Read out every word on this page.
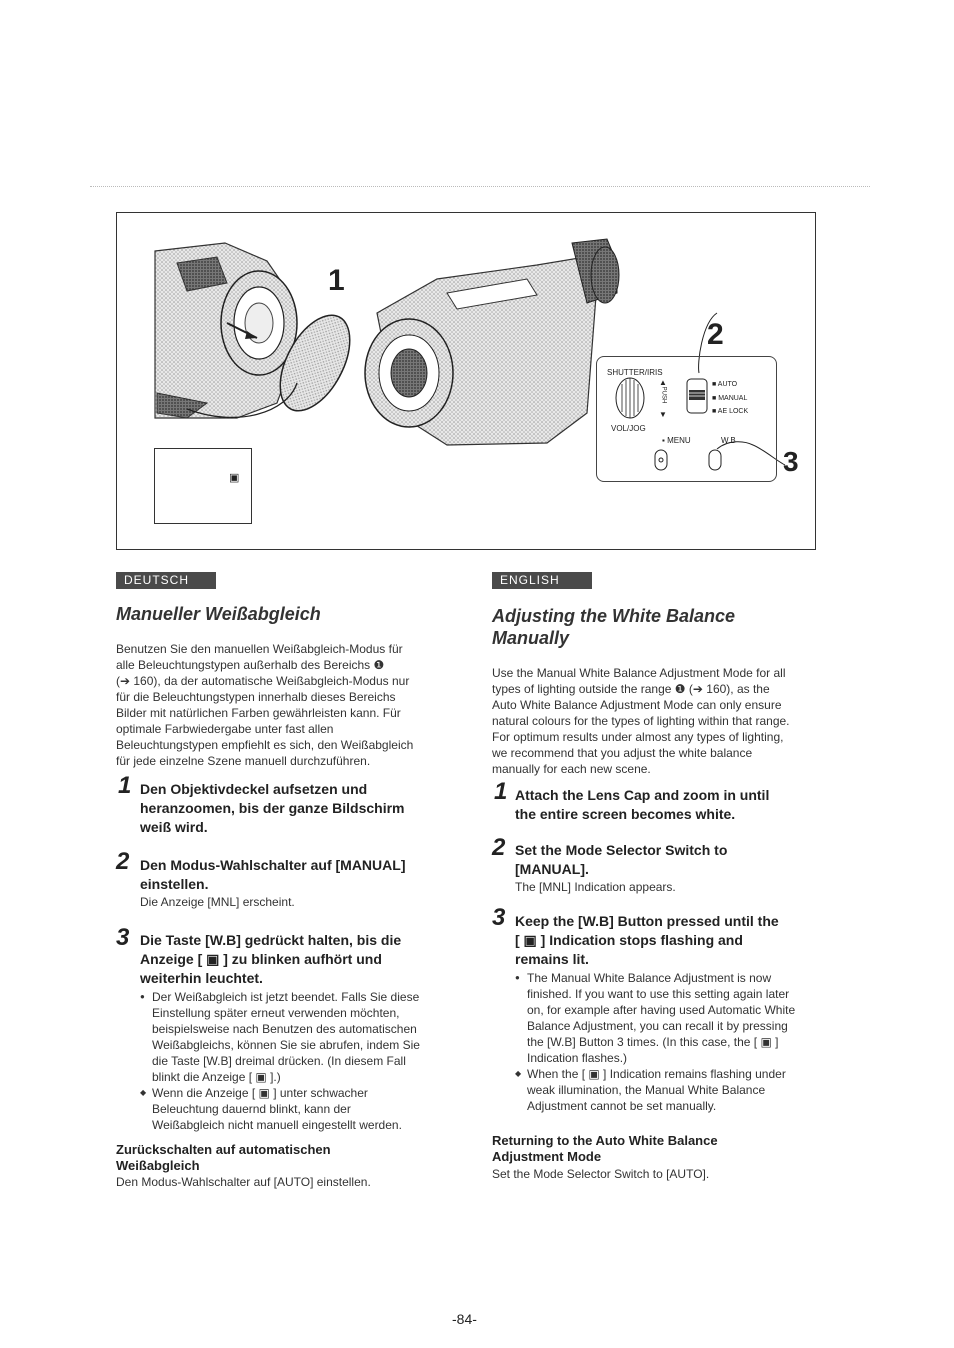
1
2
3
▣
SHUTTER/IRIS
PUSH
▲
▼
■ AUTO
■ MANUAL
■ AE LOCK
VOL/JOG
▪ MENU	W.B
DEUTSCH
Manueller Weißabgleich
Benutzen Sie den manuellen Weißabgleich-Modus für
alle Beleuchtungstypen außerhalb des Bereichs ❶
(➔ 160), da der automatische Weißabgleich-Modus nur
für die Beleuchtungstypen innerhalb dieses Bereichs
Bilder mit natürlichen Farben gewährleisten kann. Für
optimale Farbwiedergabe unter fast allen
Beleuchtungstypen empfiehlt es sich, den Weißabgleich
für jede einzelne Szene manuell durchzuführen.
1 Den Objektivdeckel aufsetzen und
heranzoomen, bis der ganze Bildschirm
weiß wird.
2 Den Modus-Wahlschalter auf [MANUAL]
einstellen.
Die Anzeige [MNL] erscheint.
3 Die Taste [W.B] gedrückt halten, bis die
Anzeige [ ▣ ] zu blinken aufhört und
weiterhin leuchtet.
● Der Weißabgleich ist jetzt beendet. Falls Sie diese
Einstellung später erneut verwenden möchten,
beispielsweise nach Benutzen des automatischen
Weißabgleichs, können Sie sie abrufen, indem Sie
die Taste [W.B] dreimal drücken. (In diesem Fall
blinkt die Anzeige [ ▣ ].)
◆ Wenn die Anzeige [ ▣ ] unter schwacher
Beleuchtung dauernd blinkt, kann der
Weißabgleich nicht manuell eingestellt werden.
Zurückschalten auf automatischen
Weißabgleich
Den Modus-Wahlschalter auf [AUTO] einstellen.
ENGLISH
Adjusting the White Balance
Manually
Use the Manual White Balance Adjustment Mode for all
types of lighting outside the range ❶ (➔ 160), as the
Auto White Balance Adjustment Mode can only ensure
natural colours for the types of lighting within that range.
For optimum results under almost any types of lighting,
we recommend that you adjust the white balance
manually for each new scene.
1 Attach the Lens Cap and zoom in until
the entire screen becomes white.
2 Set the Mode Selector Switch to
[MANUAL].
The [MNL] Indication appears.
3 Keep the [W.B] Button pressed until the
[ ▣ ] Indication stops flashing and
remains lit.
● The Manual White Balance Adjustment is now
finished. If you want to use this setting again later
on, for example after having used Automatic White
Balance Adjustment, you can recall it by pressing
the [W.B] Button 3 times. (In this case, the [ ▣ ]
Indication flashes.)
◆ When the [ ▣ ] Indication remains flashing under
weak illumination, the Manual White Balance
Adjustment cannot be set manually.
Returning to the Auto White Balance
Adjustment Mode
Set the Mode Selector Switch to [AUTO].
-84-
